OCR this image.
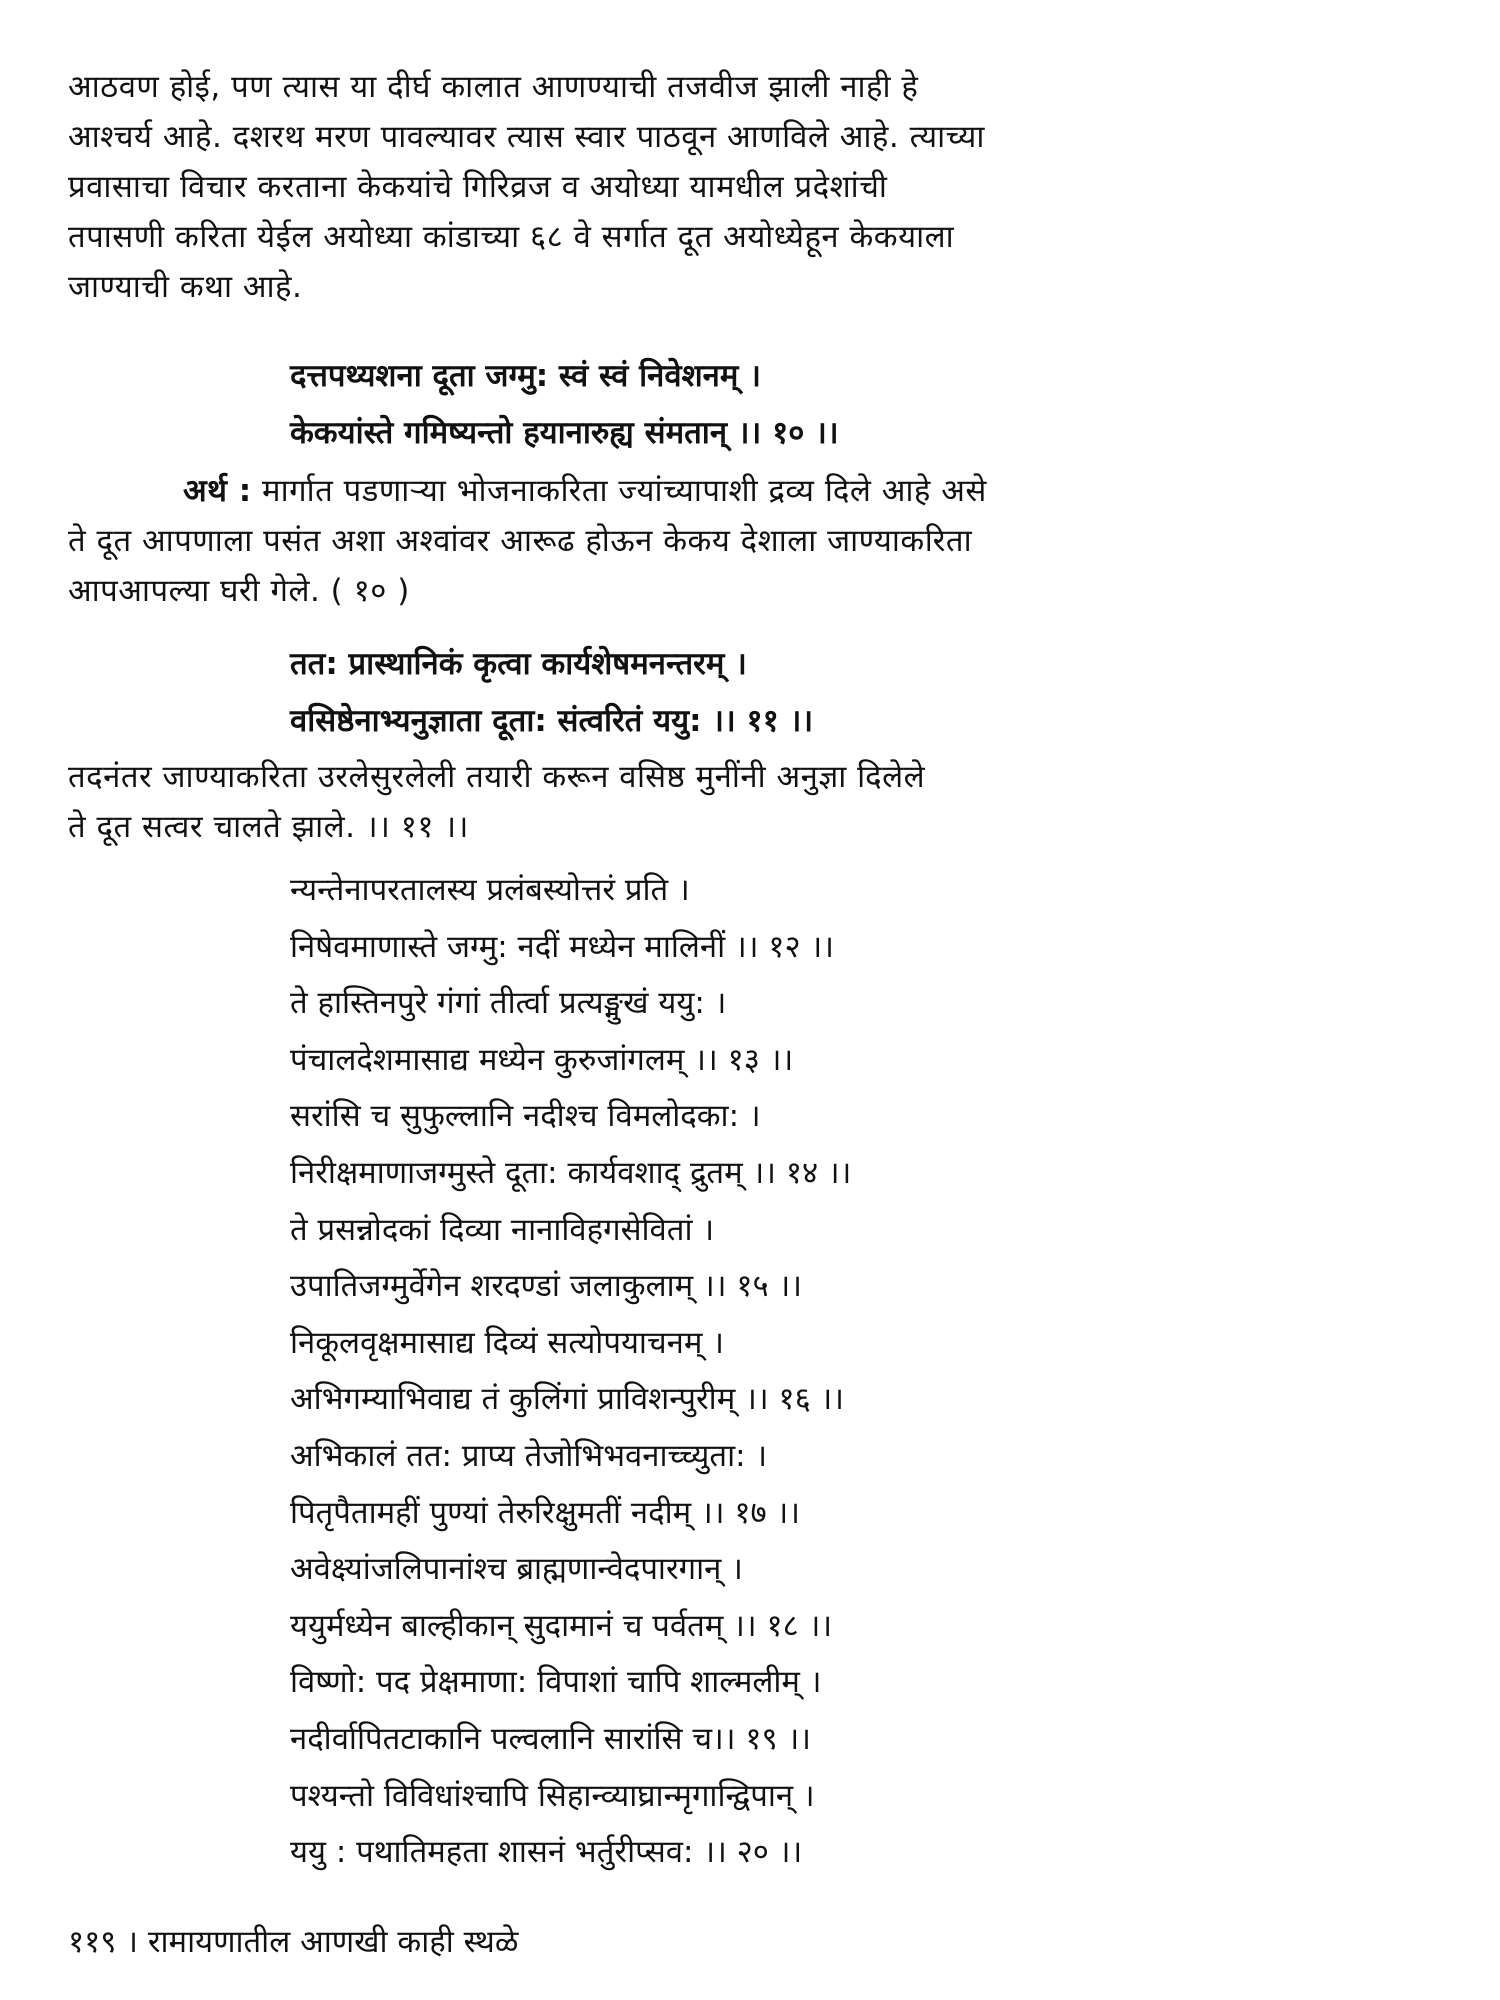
आठवण होई, पण त्यास या दीर्घ कालात आणण्याची तजवीज झाली नाही हे
आश्चर्य आहे. दशरथ मरण पावल्यावर त्यास स्वार पाठवून आणविले आहे. त्याच्या
प्रवासाचा विचार करताना केकयांचे गिरिव्रज व अयोध्या यामधील प्रदेशांची
तपासणी करिता येईल अयोध्या कांडाच्या ६८ वे सर्गात दूत अयोध्येहून केकयाला
जाण्याची कथा आहे.
दत्तपथ्यशना दूता जग्मु: स्वं स्वं निवेशनम् ।
केकयांस्ते गमिष्यन्तो हयानारुह्य संमतान् ।। १० ।।
अर्थ : मार्गात पडणाऱ्या भोजनाकरिता ज्यांच्यापाशी द्रव्य दिले आहे असे
ते दूत आपणाला पसंत अशा अश्वांवर आरूढ होऊन केकय देशाला जाण्याकरिता
आपआपल्या घरी गेले. ( १० )
तत: प्रास्थानिकं कृत्वा कार्यशेषमनन्तरम् ।
वसिष्ठेनाभ्यनुज्ञाता दूता: संत्वरितं ययु: ।। ११ ।।
तदनंतर जाण्याकरिता उरलेसुरलेली तयारी करून वसिष्ठ मुनींनी अनुज्ञा दिलेले
ते दूत सत्वर चालते झाले. ।। ११ ।।
न्यन्तेनापरतालस्य प्रलंबस्योत्तरं प्रति ।
निषेवमाणास्ते जग्मु: नदीं मध्येन मालिनीं ।। १२ ।।
ते हास्तिनपुरे गंगां तीर्त्वा प्रत्यङ्मुखं ययु: ।
पंचालदेशमासाद्य मध्येन कुरुजांगलम् ।। १३ ।।
सरांसि च सुफुल्लानि नदीश्च विमलोदका: ।
निरीक्षमाणाजग्मुस्ते दूता: कार्यवशाद् द्रुतम् ।। १४ ।।
ते प्रसन्नोदकां दिव्या नानाविहगसेवितां ।
उपातिजग्मुर्वेगेन शरदण्डां जलाकुलाम् ।। १५ ।।
निकूलवृक्षमासाद्य दिव्यं सत्योपयाचनम् ।
अभिगम्याभिवाद्य तं कुलिंगां प्राविशन्पुरीम् ।। १६ ।।
अभिकालं तत: प्राप्य तेजोभिभवनाच्च्युता: ।
पितृपैतामहीं पुण्यां तेरुरिक्षुमतीं नदीम् ।। १७ ।।
अवेक्ष्यांजलिपानांश्च ब्राह्मणान्वेदपारगान् ।
ययुर्मध्येन बाल्हीकान् सुदामानं च पर्वतम् ।। १८ ।।
विष्णो: पद प्रेक्षमाणा: विपाशां चापि शाल्मलीम् ।
नदीर्वापितटाकानि पल्वलानि सारांसि च।। १९ ।।
पश्यन्तो विविधांश्चापि सिहान्व्याघ्रान्मृगान्द्विपान् ।
ययु : पथातिमहता शासनं भर्तुरीप्सव: ।। २० ।।
११९ । रामायणातील आणखी काही स्थळे
